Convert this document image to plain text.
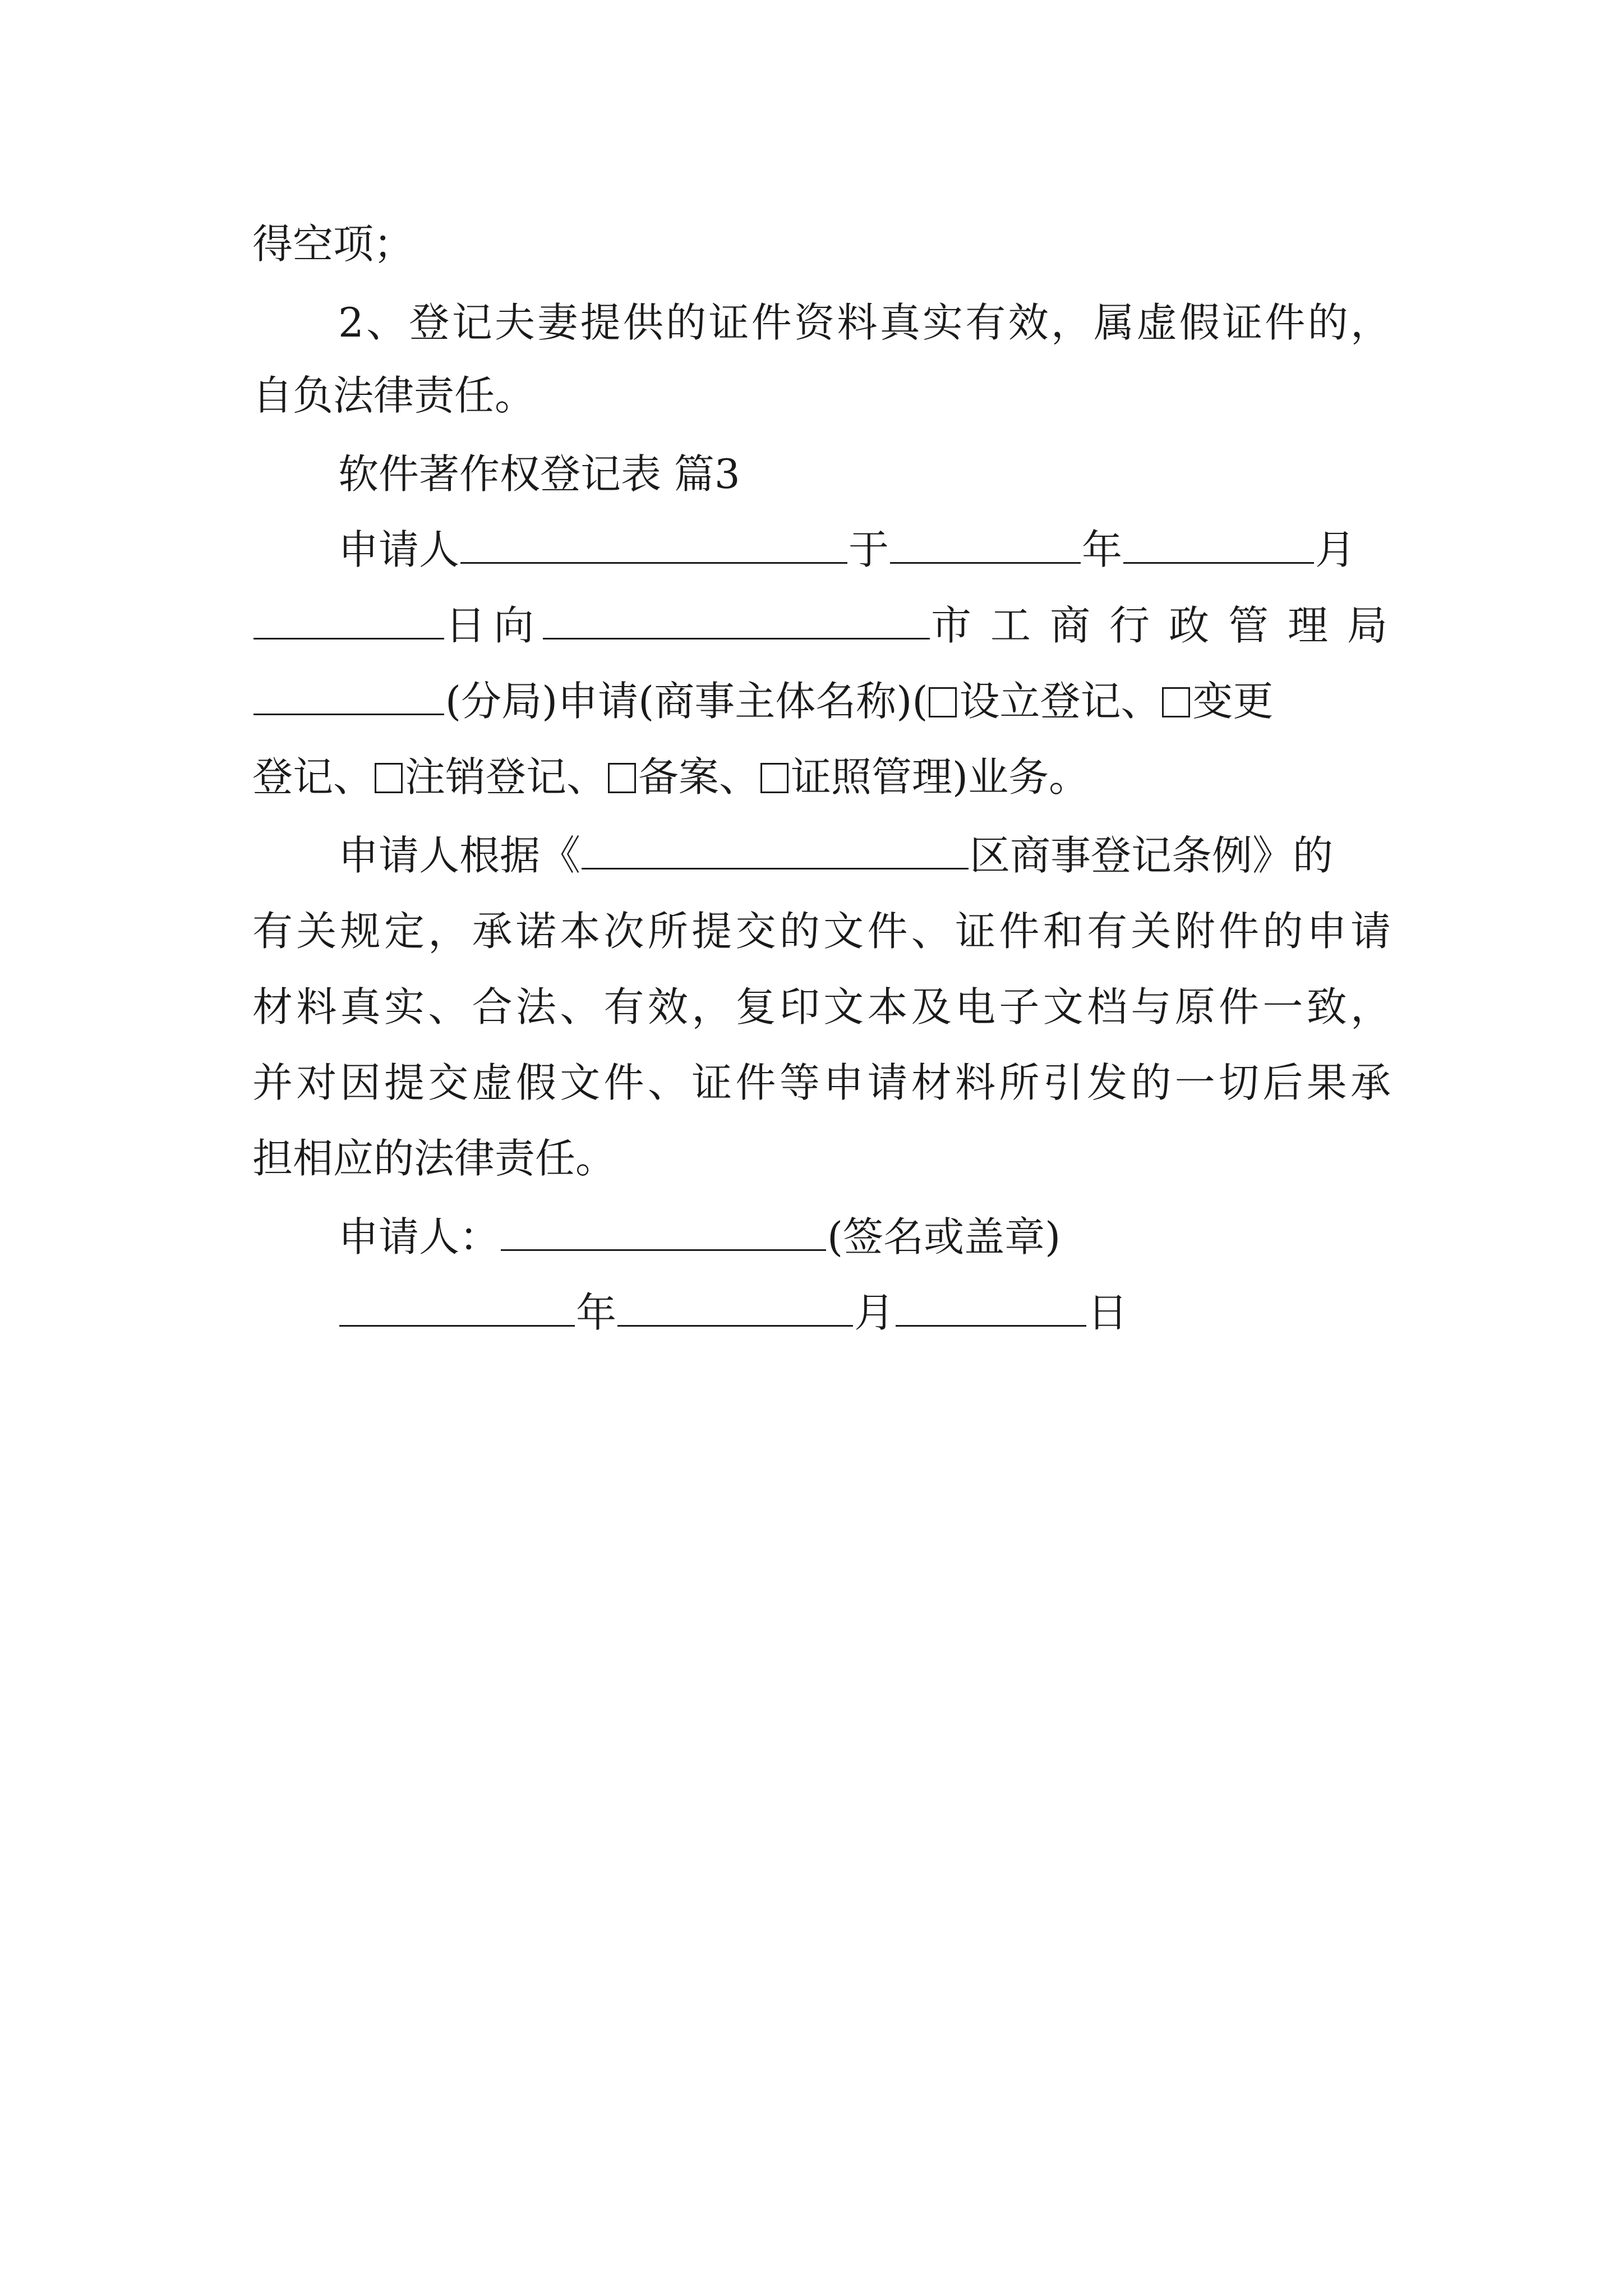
得空项；
2、登记夫妻提供的证件资料真实有效，属虚假证件的，
自负法律责任。
软件著作权登记表 篇3
申请人	于	年	月
日向	市工商行政管理局
(分局)申请(商事主体名称)( 设立登记、 变更
登记、 注销登记、 备案、 证照管理)业务。
申请人根据《	区商事登记条例》的
有关规定，承诺本次所提交的文件、证件和有关附件的申请
材料真实、合法、有效，复印文本及电子文档与原件一致，
并对因提交虚假文件、证件等申请材料所引发的一切后果承
担相应的法律责任。
申请人：	(签名或盖章)
年	月	日
